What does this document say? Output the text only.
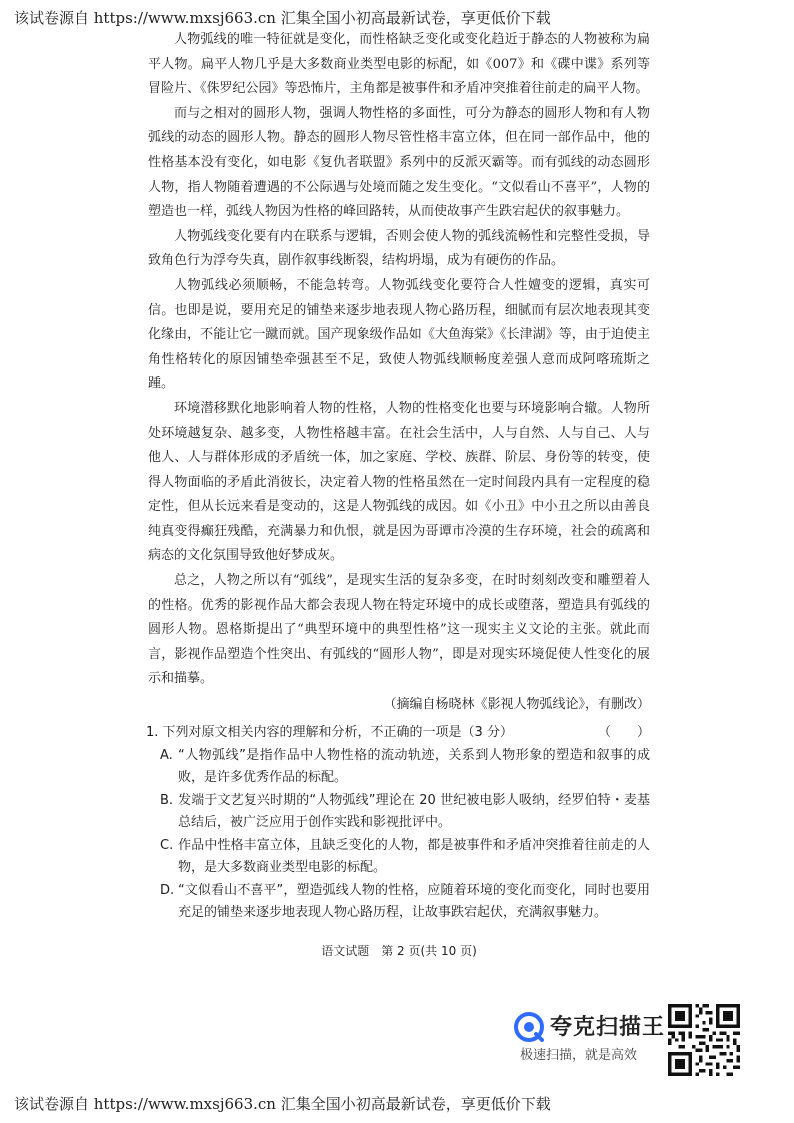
该试卷源自 https://www.mxsj663.cn 汇集全国小初高最新试卷，享更低价下载

人物弧线的唯一特征就是变化，而性格缺乏变化或变化趋近于静态的人物被称为扁平人物。扁平人物几乎是大多数商业类型电影的标配，如《007》和《碟中谍》系列等冒险片、《侏罗纪公园》等恐怖片，主角都是被事件和矛盾冲突推着往前走的扁平人物。

而与之相对的圆形人物，强调人物性格的多面性，可分为静态的圆形人物和有人物弧线的动态的圆形人物。静态的圆形人物尽管性格丰富立体，但在同一部作品中，他的性格基本没有变化，如电影《复仇者联盟》系列中的反派灭霸等。而有弧线的动态圆形人物，指人物随着遭遇的不公际遇与处境而随之发生变化。“文似看山不喜平”，人物的塑造也一样，弧线人物因为性格的峰回路转，从而使故事产生跌宕起伏的叙事魅力。

人物弧线变化要有内在联系与逻辑，否则会使人物的弧线流畅性和完整性受损，导致角色行为浮夸失真，剧作叙事线断裂，结构坍塌，成为有硬伤的作品。

人物弧线必须顺畅，不能急转弯。人物弧线变化要符合人性嬗变的逻辑，真实可信。也即是说，要用充足的铺垫来逐步地表现人物心路历程，细腻而有层次地表现其变化缘由，不能让它一蹴而就。国产现象级作品如《大鱼海棠》《长津湖》等，由于迫使主角性格转化的原因铺垫牵强甚至不足，致使人物弧线顺畅度差强人意而成阿喀琉斯之踵。

环境潜移默化地影响着人物的性格，人物的性格变化也要与环境影响合辙。人物所处环境越复杂、越多变，人物性格越丰富。在社会生活中，人与自然、人与自己、人与他人、人与群体形成的矛盾统一体，加之家庭、学校、族群、阶层、身份等的转变，使得人物面临的矛盾此消彼长，决定着人物的性格虽然在一定时间段内具有一定程度的稳定性，但从长远来看是变动的，这是人物弧线的成因。如《小丑》中小丑之所以由善良纯真变得癫狂残酷，充满暴力和仇恨，就是因为哥谭市冷漠的生存环境，社会的疏离和病态的文化氛围导致他好梦成灰。

总之，人物之所以有“弧线”，是现实生活的复杂多变，在时时刻刻改变和雕塑着人的性格。优秀的影视作品大都会表现人物在特定环境中的成长或堕落，塑造具有弧线的圆形人物。恩格斯提出了“典型环境中的典型性格”这一现实主义文论的主张。就此而言，影视作品塑造个性突出、有弧线的“圆形人物”，即是对现实环境促使人性变化的展示和描摹。

（摘编自杨晓林《影视人物弧线论》，有删改）

1. 下列对原文相关内容的理解和分析，不正确的一项是（3 分）	（　　）

A. “人物弧线”是指作品中人物性格的流动轨迹，关系到人物形象的塑造和叙事的成败，是许多优秀作品的标配。

B. 发端于文艺复兴时期的“人物弧线”理论在 20 世纪被电影人吸纳，经罗伯特・麦基总结后，被广泛应用于创作实践和影视批评中。

C. 作品中性格丰富立体，且缺乏变化的人物，都是被事件和矛盾冲突推着往前走的人物，是大多数商业类型电影的标配。

D. “文似看山不喜平”，塑造弧线人物的性格，应随着环境的变化而变化，同时也要用充足的铺垫来逐步地表现人物心路历程，让故事跌宕起伏，充满叙事魅力。

语文试题　第 2 页(共 10 页)

夸克扫描王
极速扫描，就是高效
该试卷源自 https://www.mxsj663.cn 汇集全国小初高最新试卷，享更低价下载
